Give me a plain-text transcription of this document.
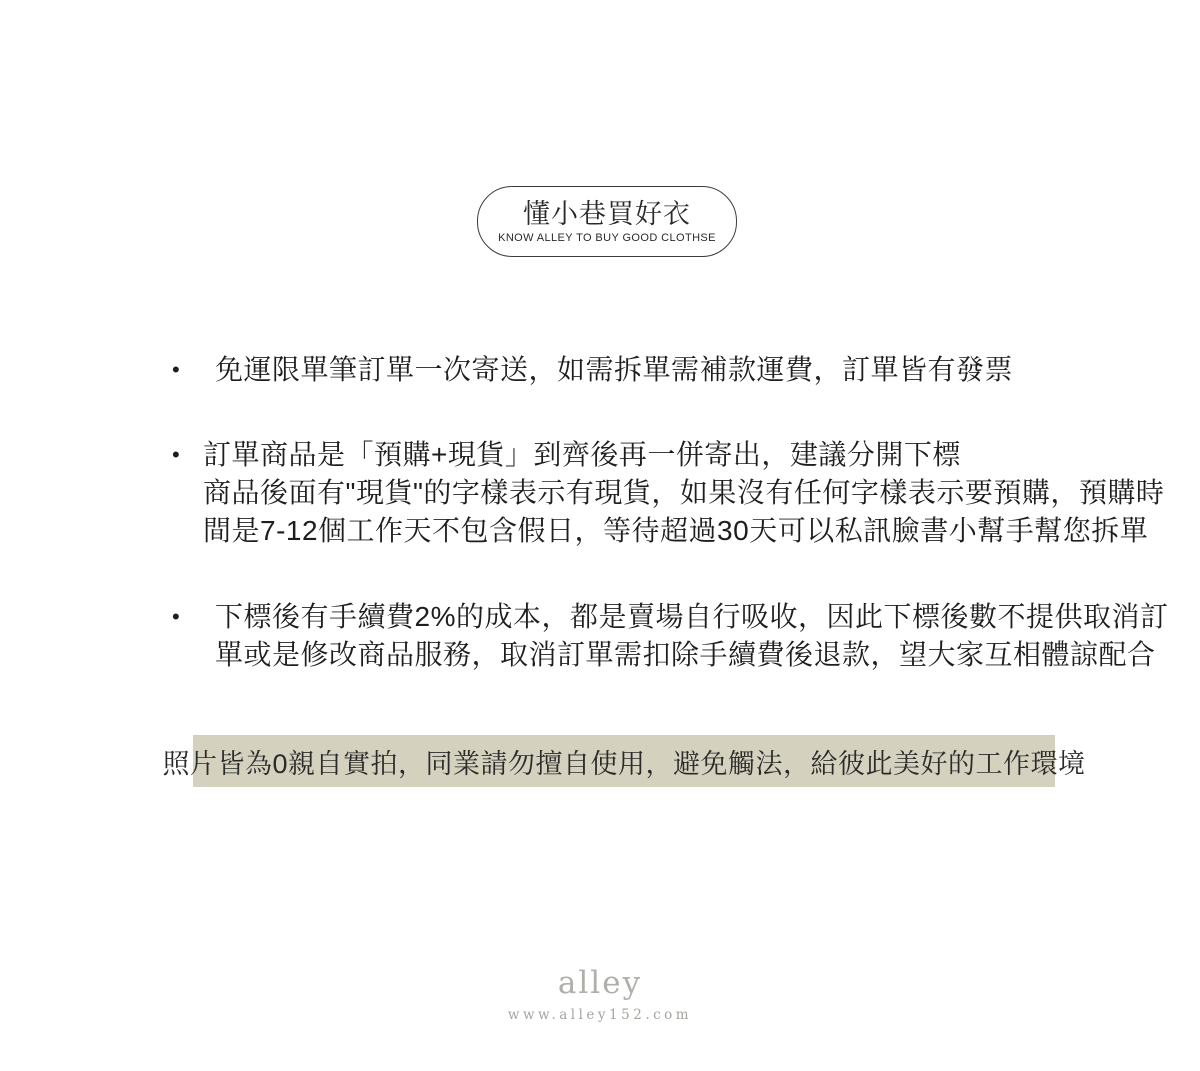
懂小巷買好衣
KNOW ALLEY TO BUY GOOD CLOTHSE
• 免運限單筆訂單一次寄送，如需拆單需補款運費，訂單皆有發票
• 訂單商品是「預購+現貨」到齊後再一併寄出，建議分開下標
商品後面有"現貨"的字樣表示有現貨，如果沒有任何字樣表示要預購，預購時
間是7-12個工作天不包含假日，等待超過30天可以私訊臉書小幫手幫您拆單
• 下標後有手續費2%的成本，都是賣場自行吸收，因此下標後數不提供取消訂
單或是修改商品服務，取消訂單需扣除手續費後退款，望大家互相體諒配合
照片皆為0親自實拍，同業請勿擅自使用，避免觸法，給彼此美好的工作環境
alley
www.alley152.com
